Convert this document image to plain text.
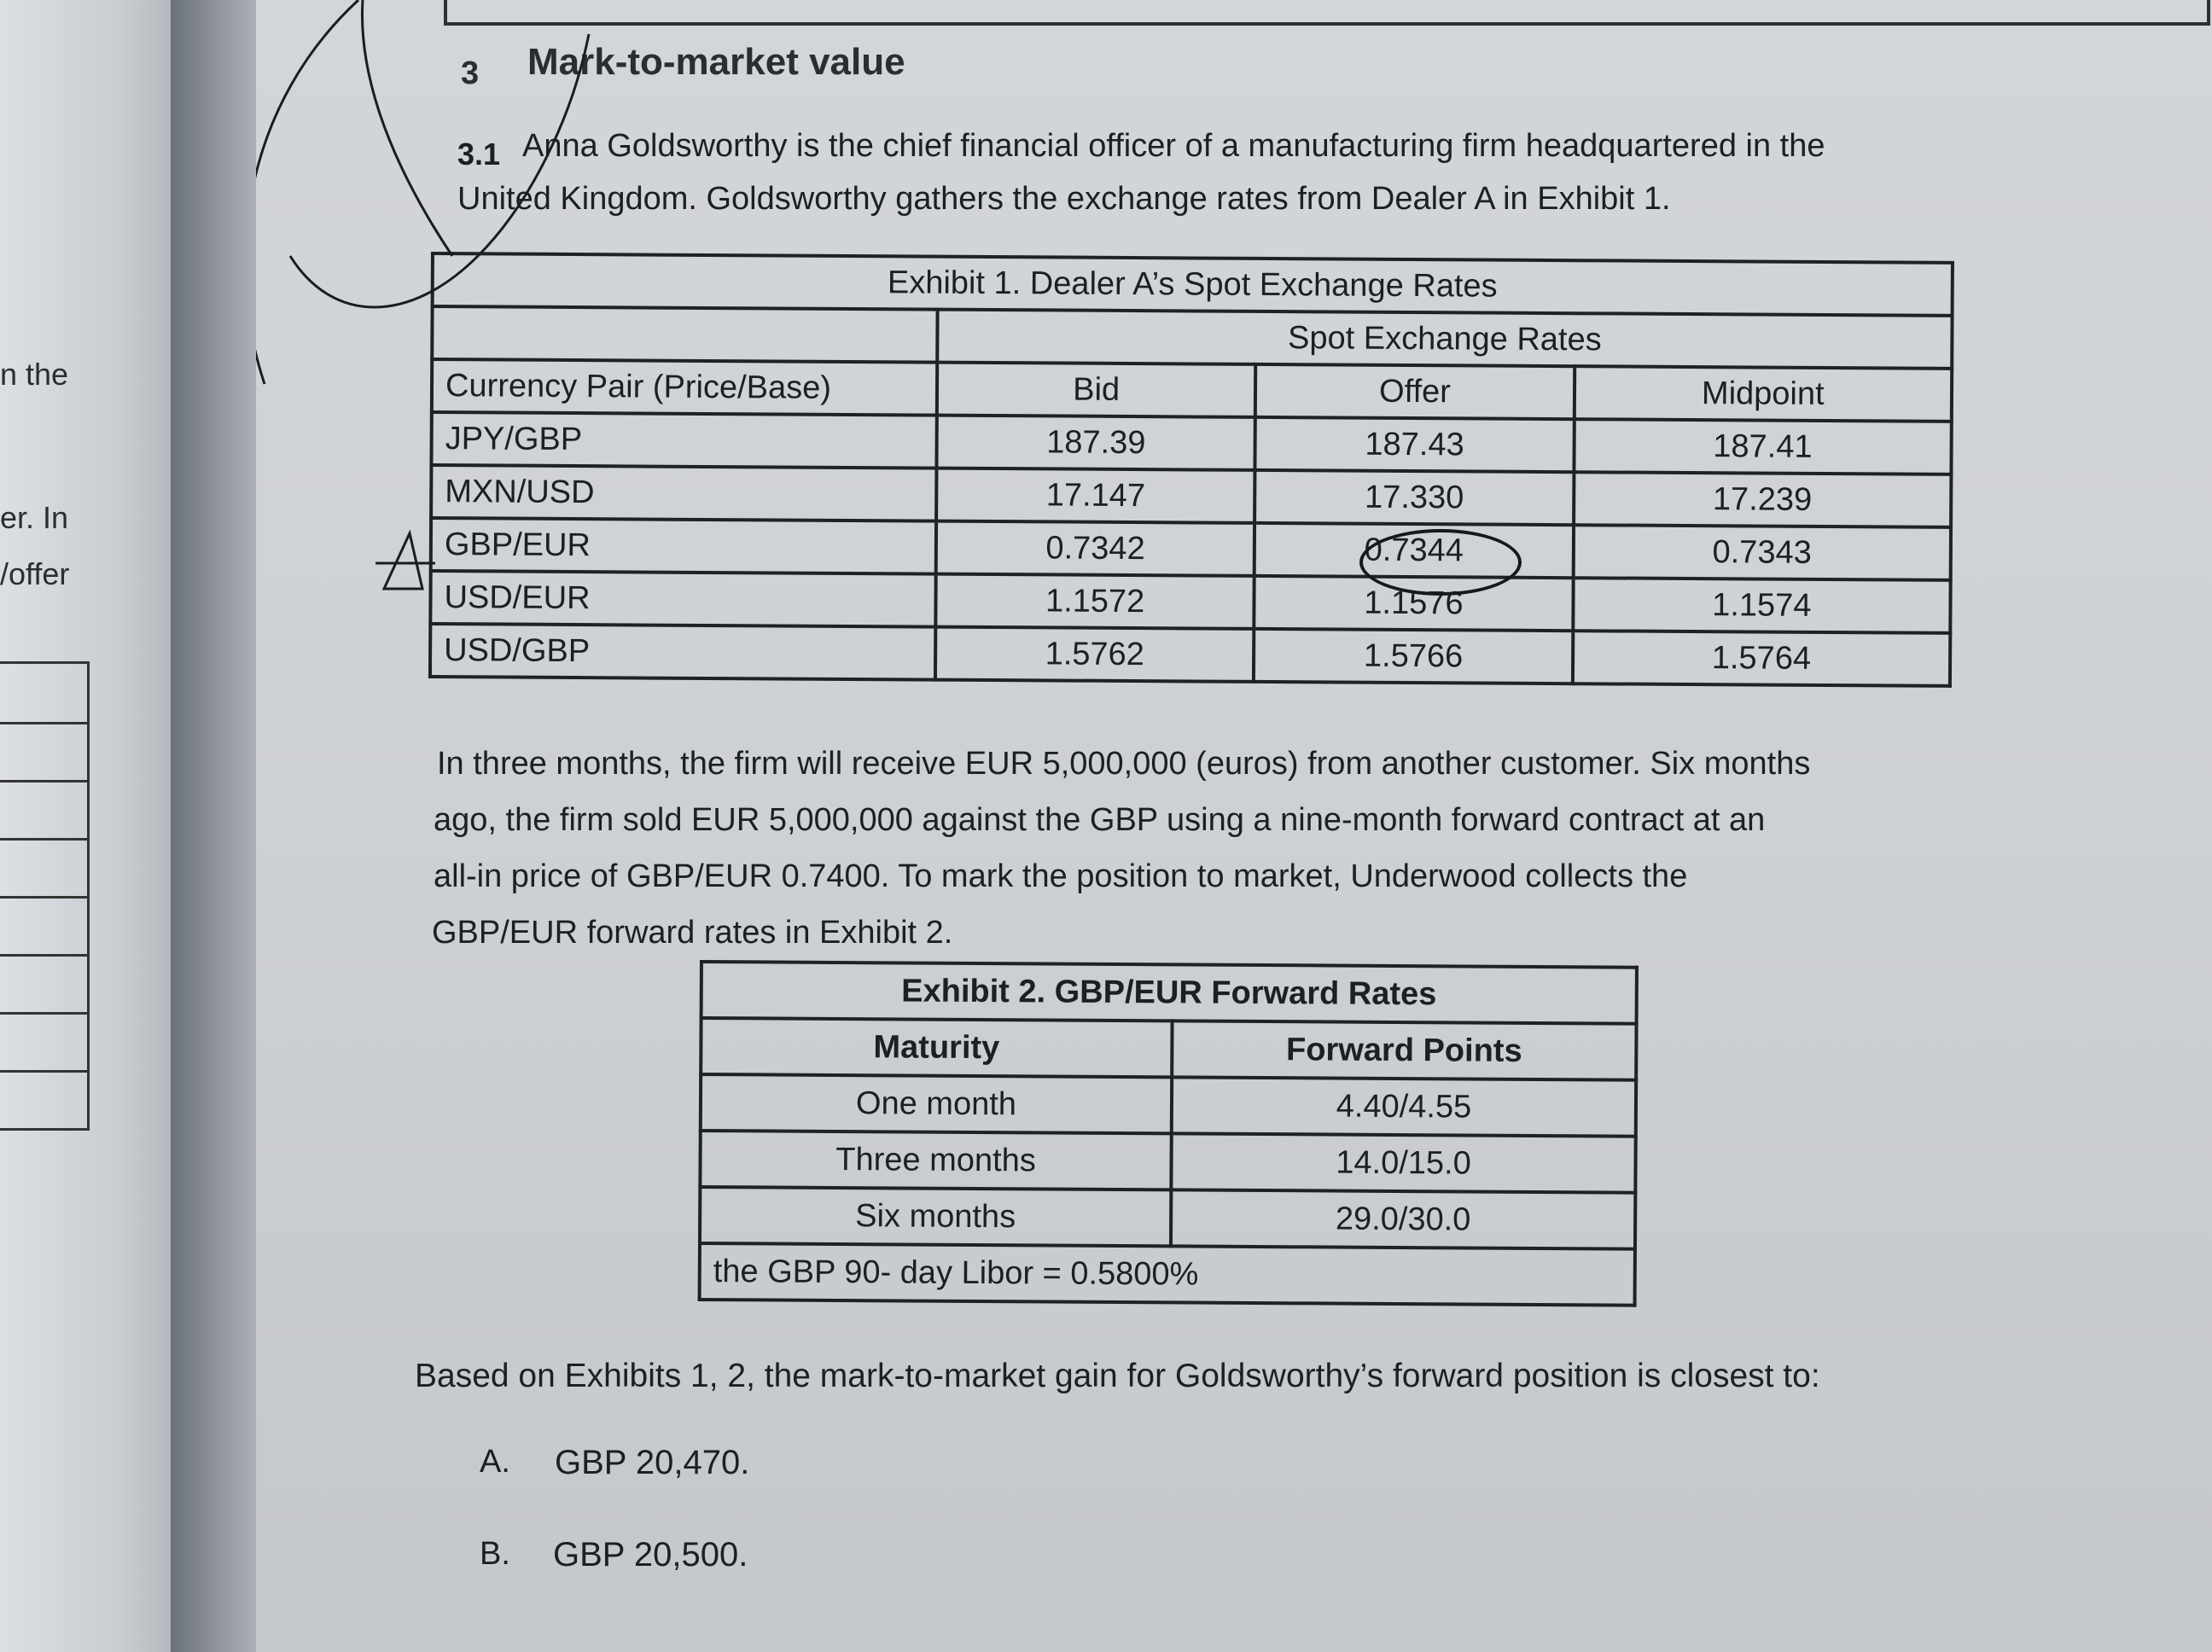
n the
er. In
/offer
3 Mark-to-market value
3.1 Anna Goldsworthy is the chief financial officer of a manufacturing firm headquartered in the
United Kingdom. Goldsworthy gathers the exchange rates from Dealer A in Exhibit 1.
Exhibit 1. Dealer A’s Spot Exchange Rates			
	Spot Exchange Rates		
Currency Pair (Price/Base)	Bid	Offer	Midpoint
JPY/GBP	187.39	187.43	187.41
MXN/USD	17.147	17.330	17.239
GBP/EUR	0.7342	0.7344	0.7343
USD/EUR	1.1572	1.1576	1.1574
USD/GBP	1.5762	1.5766	1.5764
In three months, the firm will receive EUR 5,000,000 (euros) from another customer. Six months
ago, the firm sold EUR 5,000,000 against the GBP using a nine-month forward contract at an
all-in price of GBP/EUR 0.7400. To mark the position to market, Underwood collects the
GBP/EUR forward rates in Exhibit 2.
Exhibit 2. GBP/EUR Forward Rates	
Maturity	Forward Points
One month	4.40/4.55
Three months	14.0/15.0
Six months	29.0/30.0
the GBP 90- day Libor = 0.5800%	
Based on Exhibits 1, 2, the mark-to-market gain for Goldsworthy’s forward position is closest to:
A. GBP 20,470.
B. GBP 20,500.
